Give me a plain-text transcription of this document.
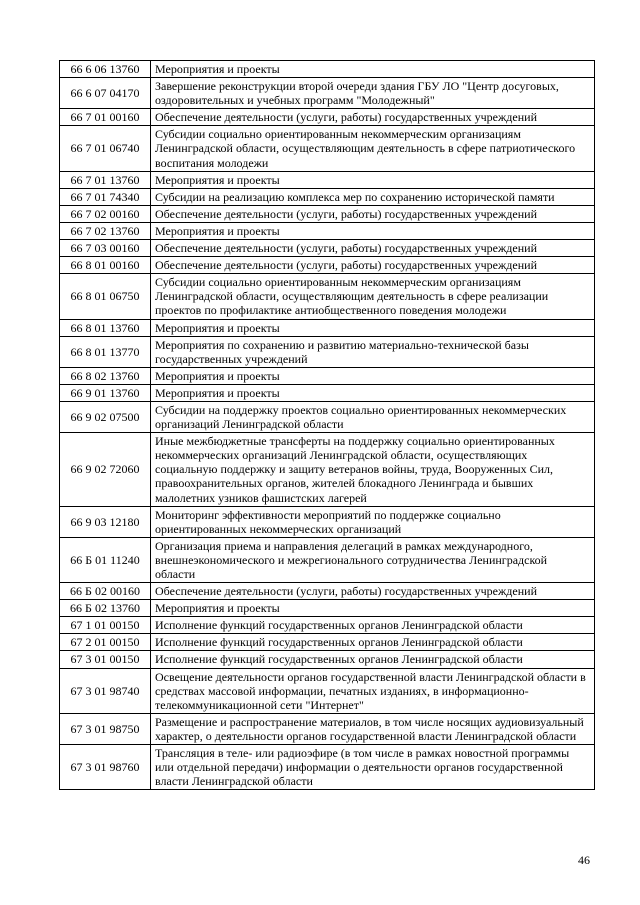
66 6 06 13760	Мероприятия и проекты
66 6 07 04170	Завершение реконструкции второй очереди здания ГБУ ЛО "Центр досуговых, оздоровительных и учебных программ "Молодежный"
66 7 01 00160	Обеспечение деятельности (услуги, работы) государственных учреждений
66 7 01 06740	Субсидии социально ориентированным некоммерческим организациям Ленинградской области, осуществляющим деятельность в сфере патриотического воспитания молодежи
66 7 01 13760	Мероприятия и проекты
66 7 01 74340	Субсидии на реализацию комплекса мер по сохранению исторической памяти
66 7 02 00160	Обеспечение деятельности (услуги, работы) государственных учреждений
66 7 02 13760	Мероприятия и проекты
66 7 03 00160	Обеспечение деятельности (услуги, работы) государственных учреждений
66 8 01 00160	Обеспечение деятельности (услуги, работы) государственных учреждений
66 8 01 06750	Субсидии социально ориентированным некоммерческим организациям Ленинградской области, осуществляющим деятельность в сфере реализации проектов по профилактике антиобщественного поведения молодежи
66 8 01 13760	Мероприятия и проекты
66 8 01 13770	Мероприятия по сохранению и развитию материально-технической базы государственных учреждений
66 8 02 13760	Мероприятия и проекты
66 9 01 13760	Мероприятия и проекты
66 9 02 07500	Субсидии на поддержку проектов социально ориентированных некоммерческих организаций Ленинградской области
66 9 02 72060	Иные межбюджетные трансферты на поддержку социально ориентированных некоммерческих организаций Ленинградской области, осуществляющих социальную поддержку и защиту ветеранов войны, труда, Вооруженных Сил, правоохранительных органов, жителей блокадного Ленинграда и бывших малолетних узников фашистских лагерей
66 9 03 12180	Мониторинг эффективности мероприятий по поддержке социально ориентированных некоммерческих организаций
66 Б 01 11240	Организация приема и направления делегаций в рамках международного, внешнеэкономического и межрегионального сотрудничества Ленинградской области
66 Б 02 00160	Обеспечение деятельности (услуги, работы) государственных учреждений
66 Б 02 13760	Мероприятия и проекты
67 1 01 00150	Исполнение функций государственных органов Ленинградской области
67 2 01 00150	Исполнение функций государственных органов Ленинградской области
67 3 01 00150	Исполнение функций государственных органов Ленинградской области
67 3 01 98740	Освещение деятельности органов государственной власти Ленинградской области в средствах массовой информации, печатных изданиях, в информационно-телекоммуникационной сети "Интернет"
67 3 01 98750	Размещение и распространение материалов, в том числе носящих аудиовизуальный характер, о деятельности органов государственной власти Ленинградской области
67 3 01 98760	Трансляция в теле- или радиоэфире (в том числе в рамках новостной программы или отдельной передачи) информации о деятельности органов государственной власти Ленинградской области
46
